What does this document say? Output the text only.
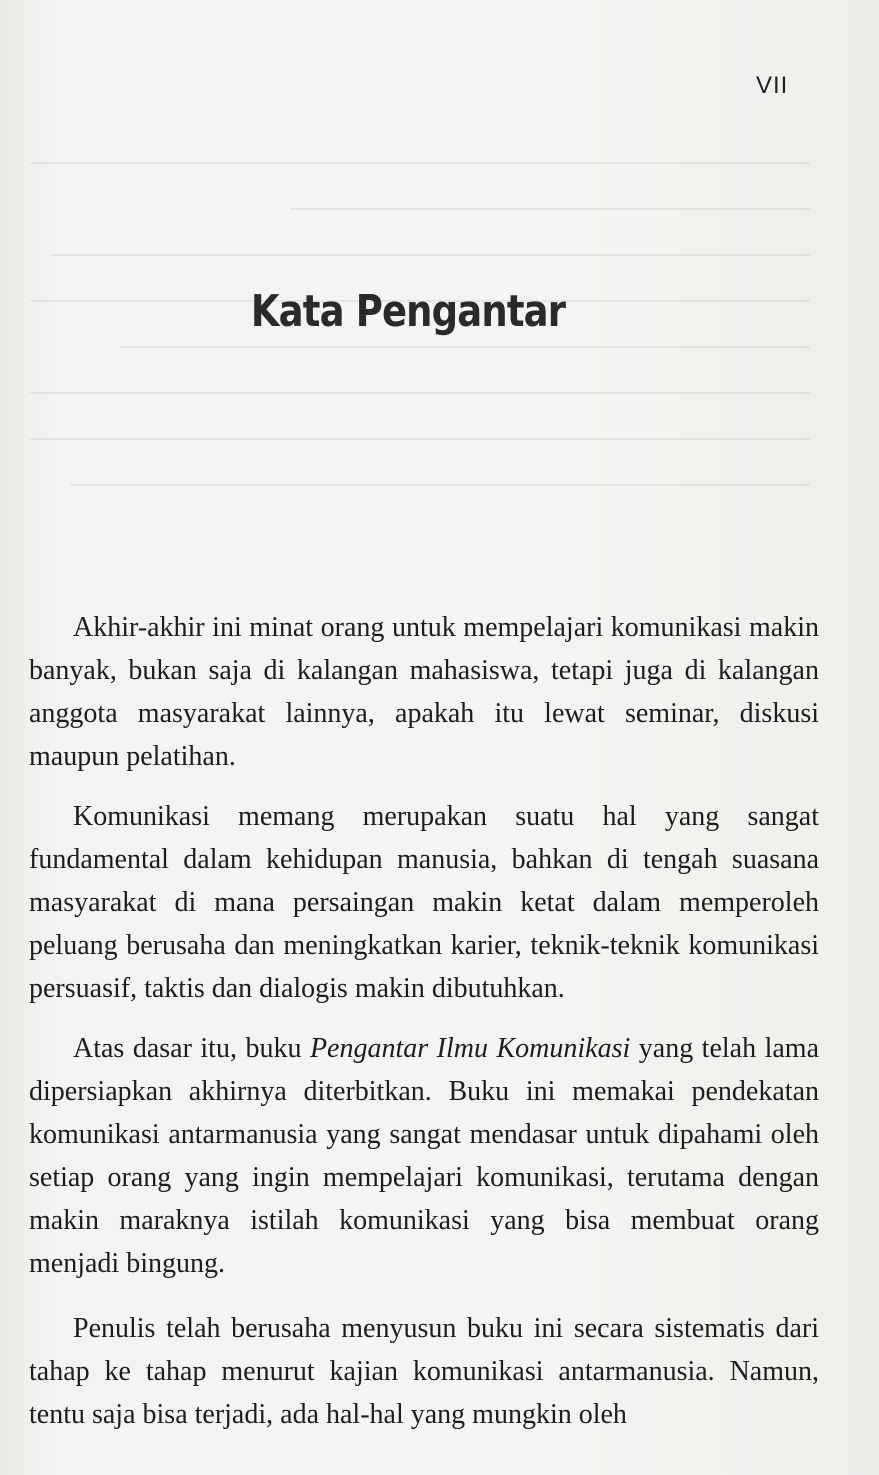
VII
Kata Pengantar

Akhir-akhir ini minat orang untuk mempelajari komunikasi makin banyak, bukan saja di kalangan mahasiswa, tetapi juga di kalangan anggota masyarakat lainnya, apakah itu lewat seminar, diskusi maupun pelatihan.

Komunikasi memang merupakan suatu hal yang sangat fundamental dalam kehidupan manusia, bahkan di tengah suasana masyarakat di mana persaingan makin ketat dalam memperoleh peluang berusaha dan meningkatkan karier, teknik-teknik komunikasi persuasif, taktis dan dialogis makin dibutuhkan.

Atas dasar itu, buku Pengantar Ilmu Komunikasi yang telah lama dipersiapkan akhirnya diterbitkan. Buku ini memakai pendekatan komunikasi antarmanusia yang sangat mendasar untuk dipahami oleh setiap orang yang ingin mempelajari komunikasi, terutama dengan makin maraknya istilah komunikasi yang bisa membuat orang menjadi bingung.

Penulis telah berusaha menyusun buku ini secara sistematis dari tahap ke tahap menurut kajian komunikasi antarmanusia. Namun, tentu saja bisa terjadi, ada hal-hal yang mungkin oleh
